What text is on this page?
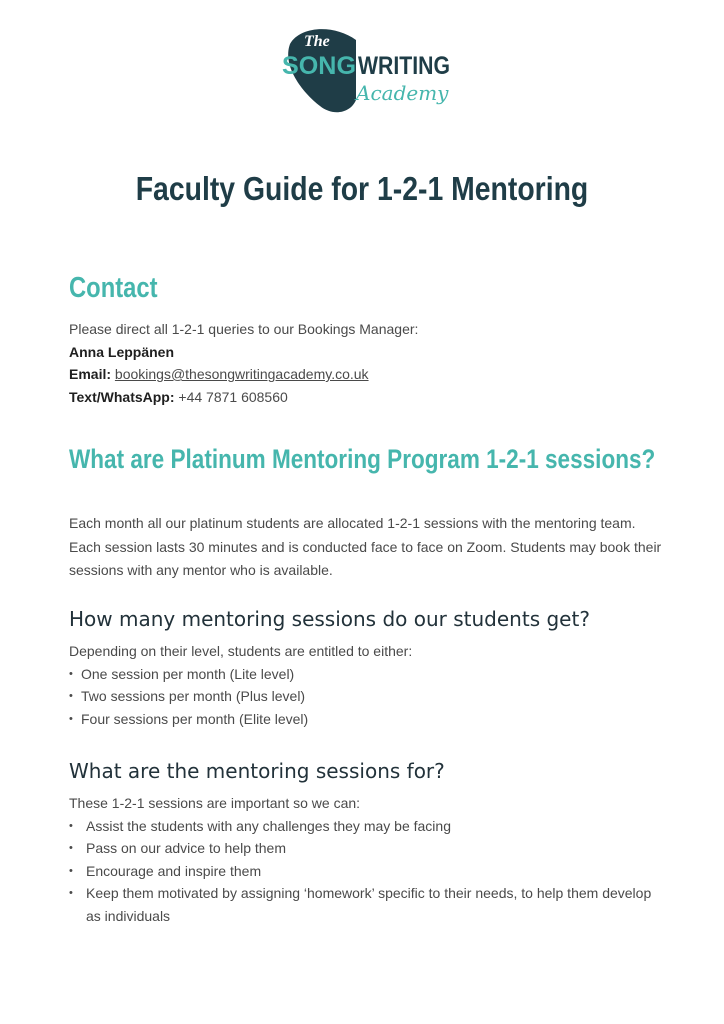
The
SONG WRITING
Academy
Faculty Guide for 1-2-1 Mentoring
Contact
Please direct all 1-2-1 queries to our Bookings Manager:
Anna Leppänen
Email: bookings@thesongwritingacademy.co.uk
Text/WhatsApp: +44 7871 608560
What are Platinum Mentoring Program 1-2-1 sessions?

Each month all our platinum students are allocated 1-2-1 sessions with the mentoring team. Each session lasts 30 minutes and is conducted face to face on Zoom. Students may book their sessions with any mentor who is available.

How many mentoring sessions do our students get?
Depending on their level, students are entitled to either:
• One session per month (Lite level)
• Two sessions per month (Plus level)
• Four sessions per month (Elite level)
What are the mentoring sessions for?
These 1-2-1 sessions are important so we can:
• Assist the students with any challenges they may be facing
• Pass on our advice to help them
• Encourage and inspire them
• Keep them motivated by assigning ‘homework’ specific to their needs, to help them develop as individuals
